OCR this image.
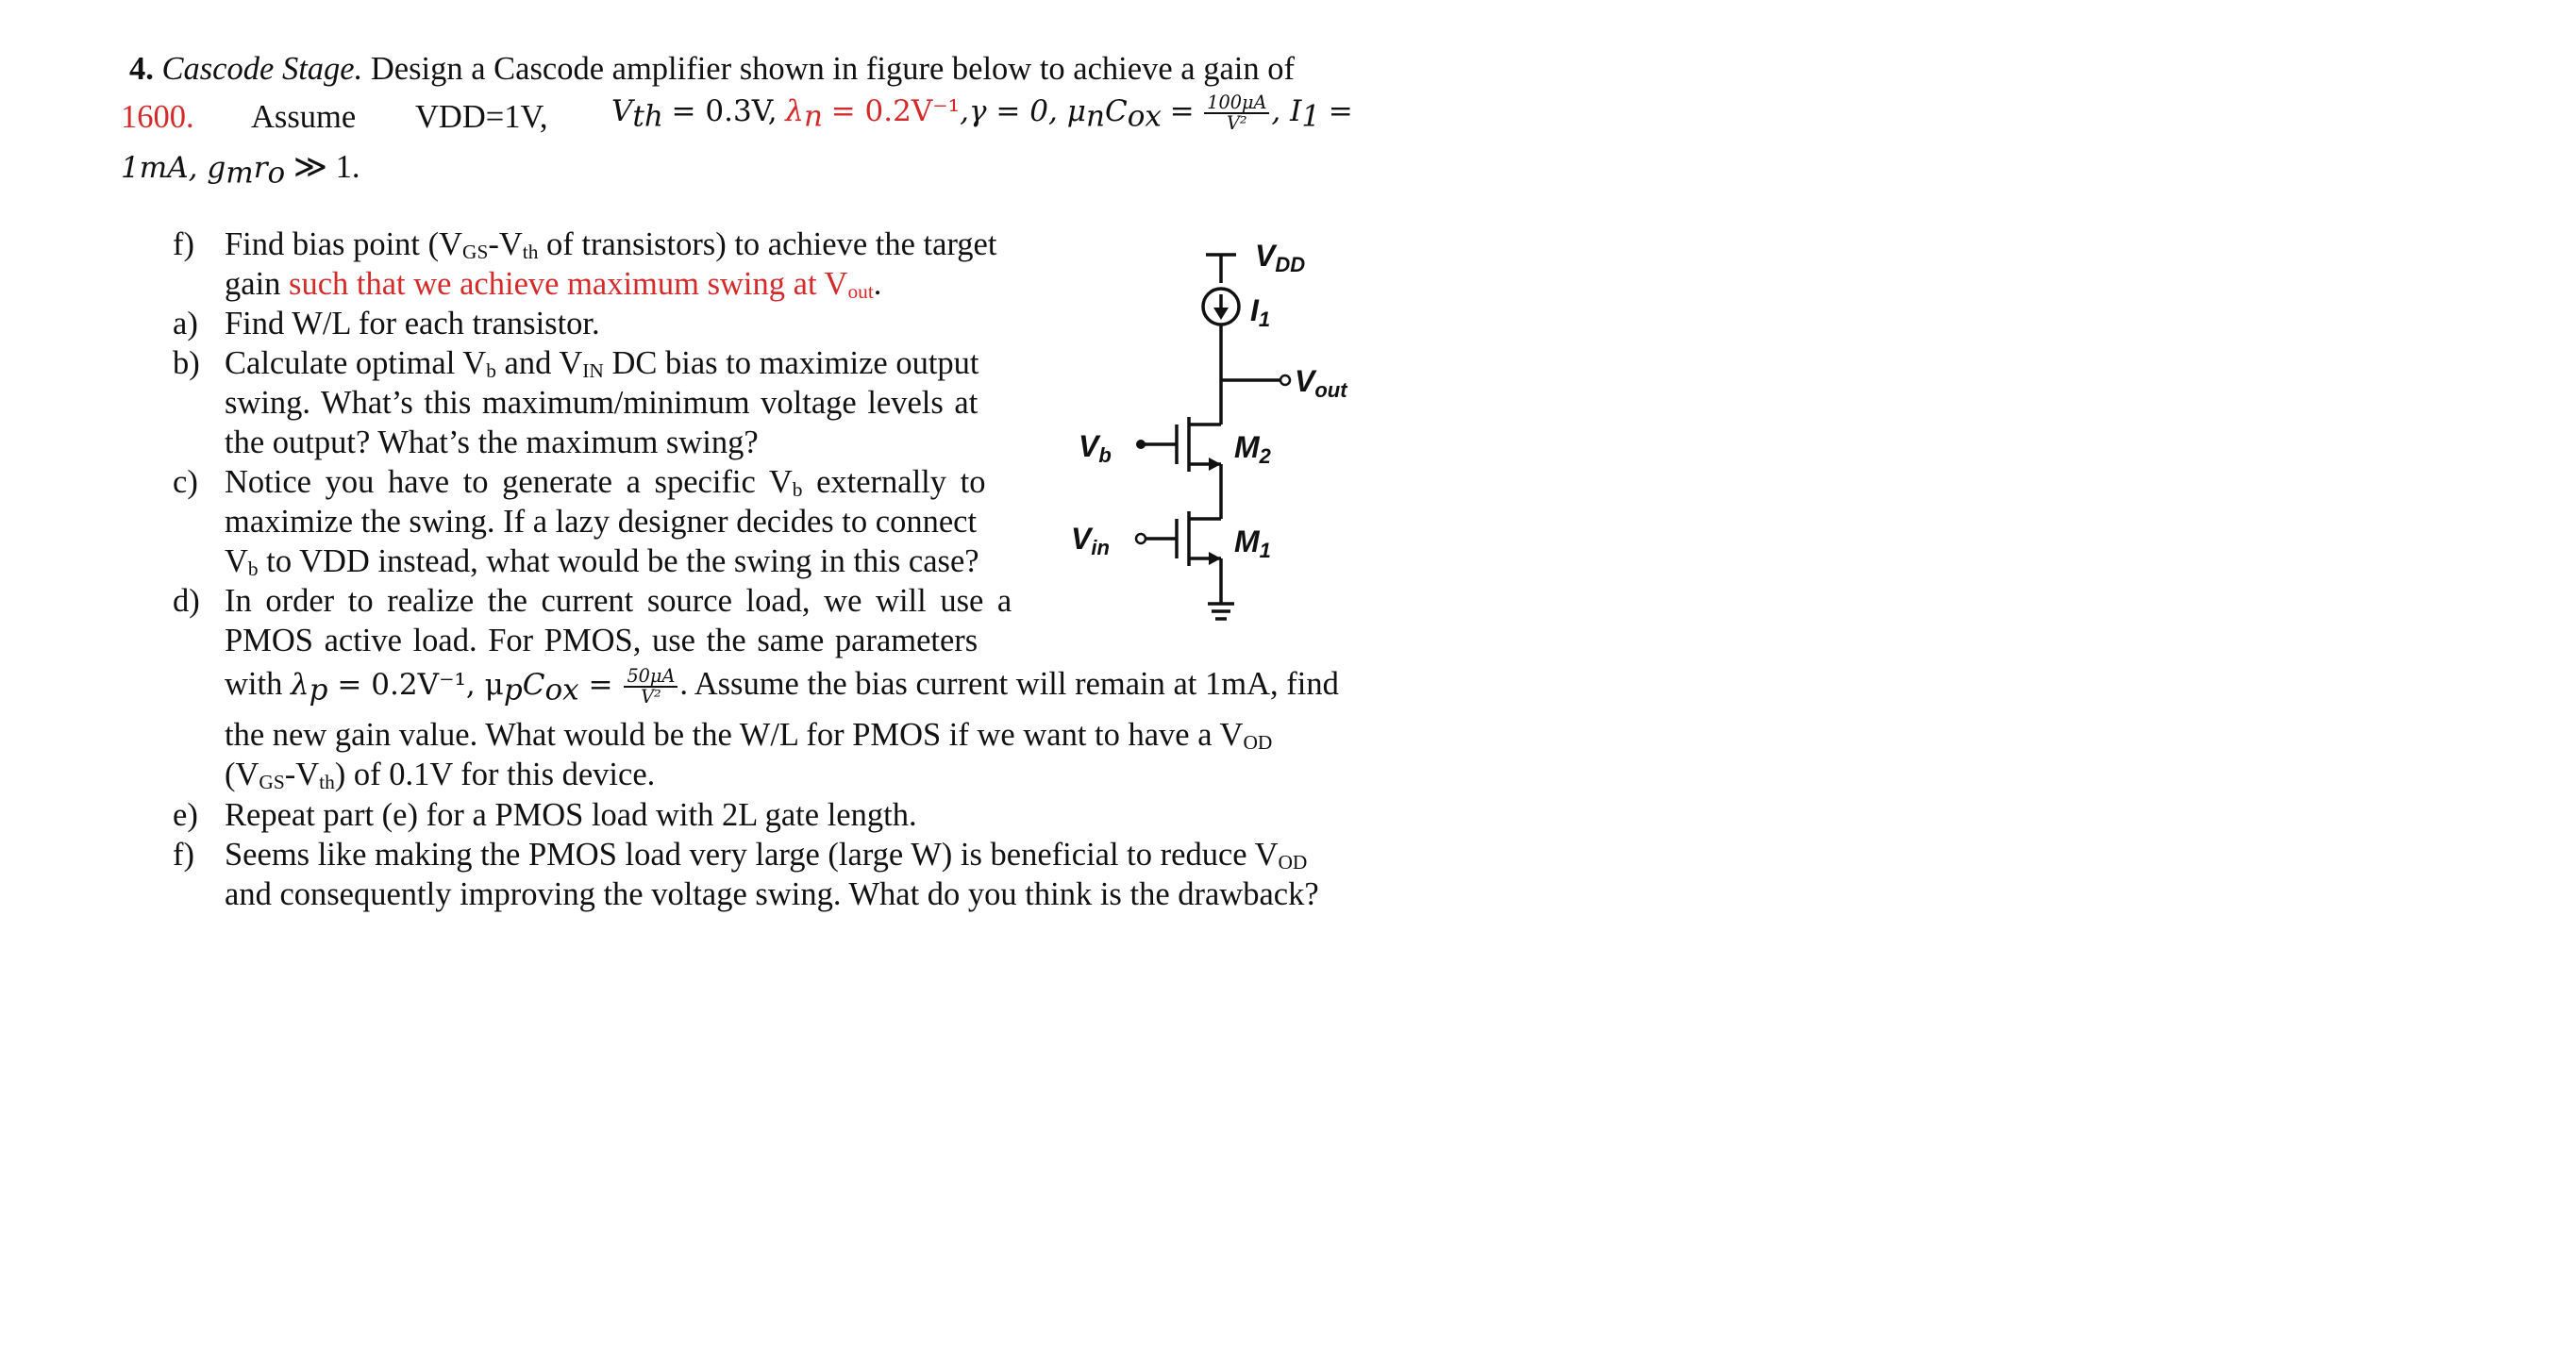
4. Cascode Stage. Design a Cascode amplifier shown in figure below to achieve a gain of
1600. Assume VDD=1V, Vth = 0.3V, λn = 0.2V⁻¹,γ = 0, μnCox = $\frac{100\mu A}{\text{V²}}$ , I1 =
1mA, gmro ≫ 1.
f) Find bias point (VGS-Vth of transistors) to achieve the target
gain such that we achieve maximum swing at Vout.
a) Find W/L for each transistor.
b) Calculate optimal Vb and VIN DC bias to maximize output
swing. What’s this maximum/minimum voltage levels at
the output? What’s the maximum swing?
c) Notice you have to generate a specific Vb externally to
maximize the swing. If a lazy designer decides to connect
Vb to VDD instead, what would be the swing in this case?
d) In order to realize the current source load, we will use a
PMOS active load. For PMOS, use the same parameters
with λp = 0.2V⁻¹, μpCox = $\frac{50\mu A}{\text{V²}}$ . Assume the bias current will remain at 1mA, find
the new gain value. What would be the W/L for PMOS if we want to have a VOD
(VGS-Vth) of 0.1V for this device.
e) Repeat part (e) for a PMOS load with 2L gate length.
f) Seems like making the PMOS load very large (large W) is beneficial to reduce VOD
and consequently improving the voltage swing. What do you think is the drawback?
VDD
I1
Vout
Vb
Vin
M2
M1
